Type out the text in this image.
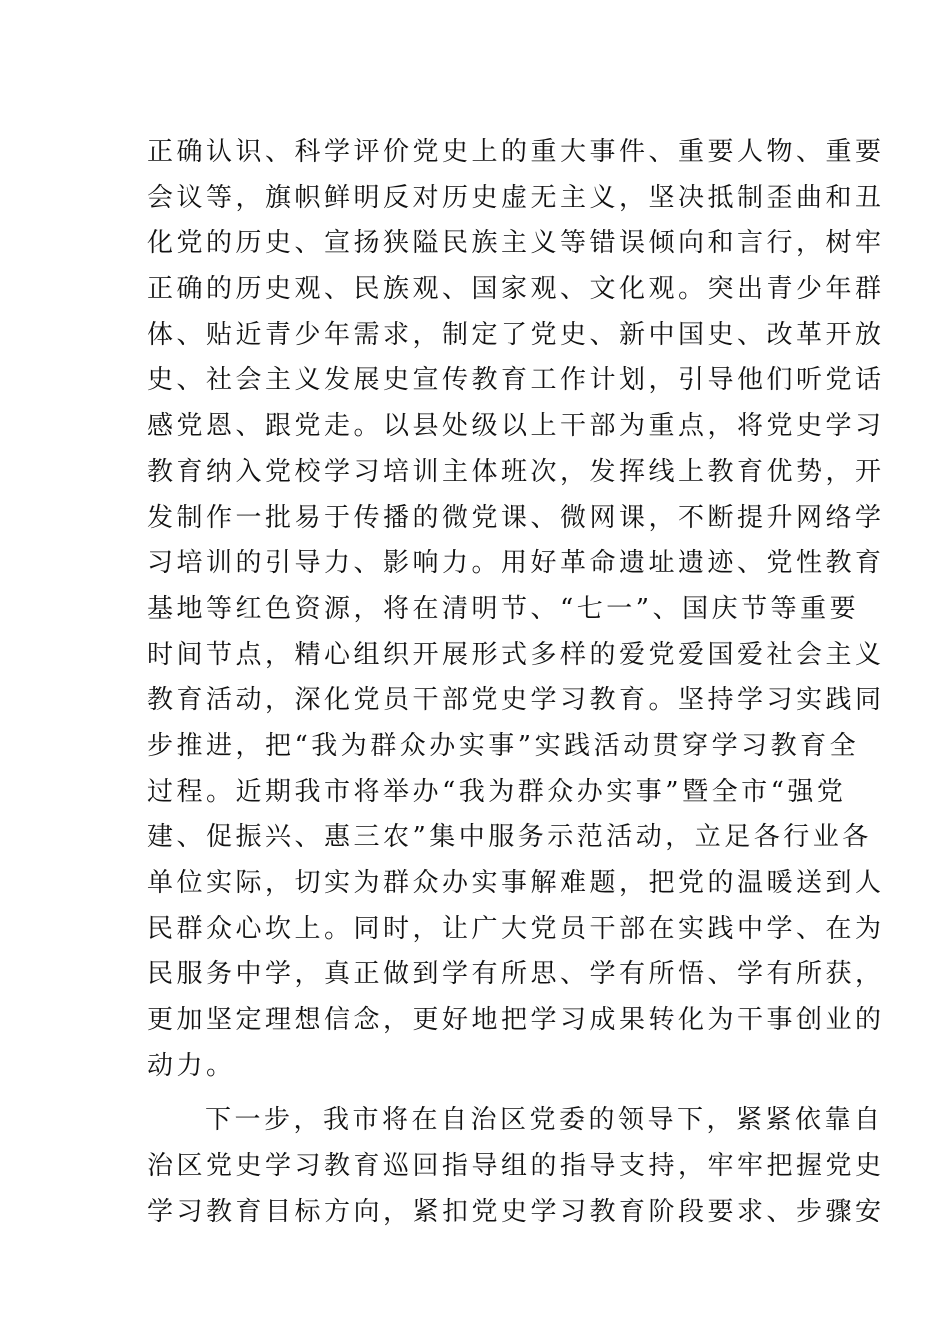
正确认识、科学评价党史上的重大事件、重要人物、重要
会议等，旗帜鲜明反对历史虚无主义，坚决抵制歪曲和丑
化党的历史、宣扬狭隘民族主义等错误倾向和言行，树牢
正确的历史观、民族观、国家观、文化观。突出青少年群
体、贴近青少年需求，制定了党史、新中国史、改革开放
史、社会主义发展史宣传教育工作计划，引导他们听党话
感党恩、跟党走。以县处级以上干部为重点，将党史学习
教育纳入党校学习培训主体班次，发挥线上教育优势，开
发制作一批易于传播的微党课、微网课，不断提升网络学
习培训的引导力、影响力。用好革命遗址遗迹、党性教育
基地等红色资源，将在清明节、“七一”、国庆节等重要
时间节点，精心组织开展形式多样的爱党爱国爱社会主义
教育活动，深化党员干部党史学习教育。坚持学习实践同
步推进，把“我为群众办实事”实践活动贯穿学习教育全
过程。近期我市将举办“我为群众办实事”暨全市“强党
建、促振兴、惠三农”集中服务示范活动，立足各行业各
单位实际，切实为群众办实事解难题，把党的温暖送到人
民群众心坎上。同时，让广大党员干部在实践中学、在为
民服务中学，真正做到学有所思、学有所悟、学有所获，
更加坚定理想信念，更好地把学习成果转化为干事创业的
动力。
下一步，我市将在自治区党委的领导下，紧紧依靠自
治区党史学习教育巡回指导组的指导支持，牢牢把握党史
学习教育目标方向，紧扣党史学习教育阶段要求、步骤安
